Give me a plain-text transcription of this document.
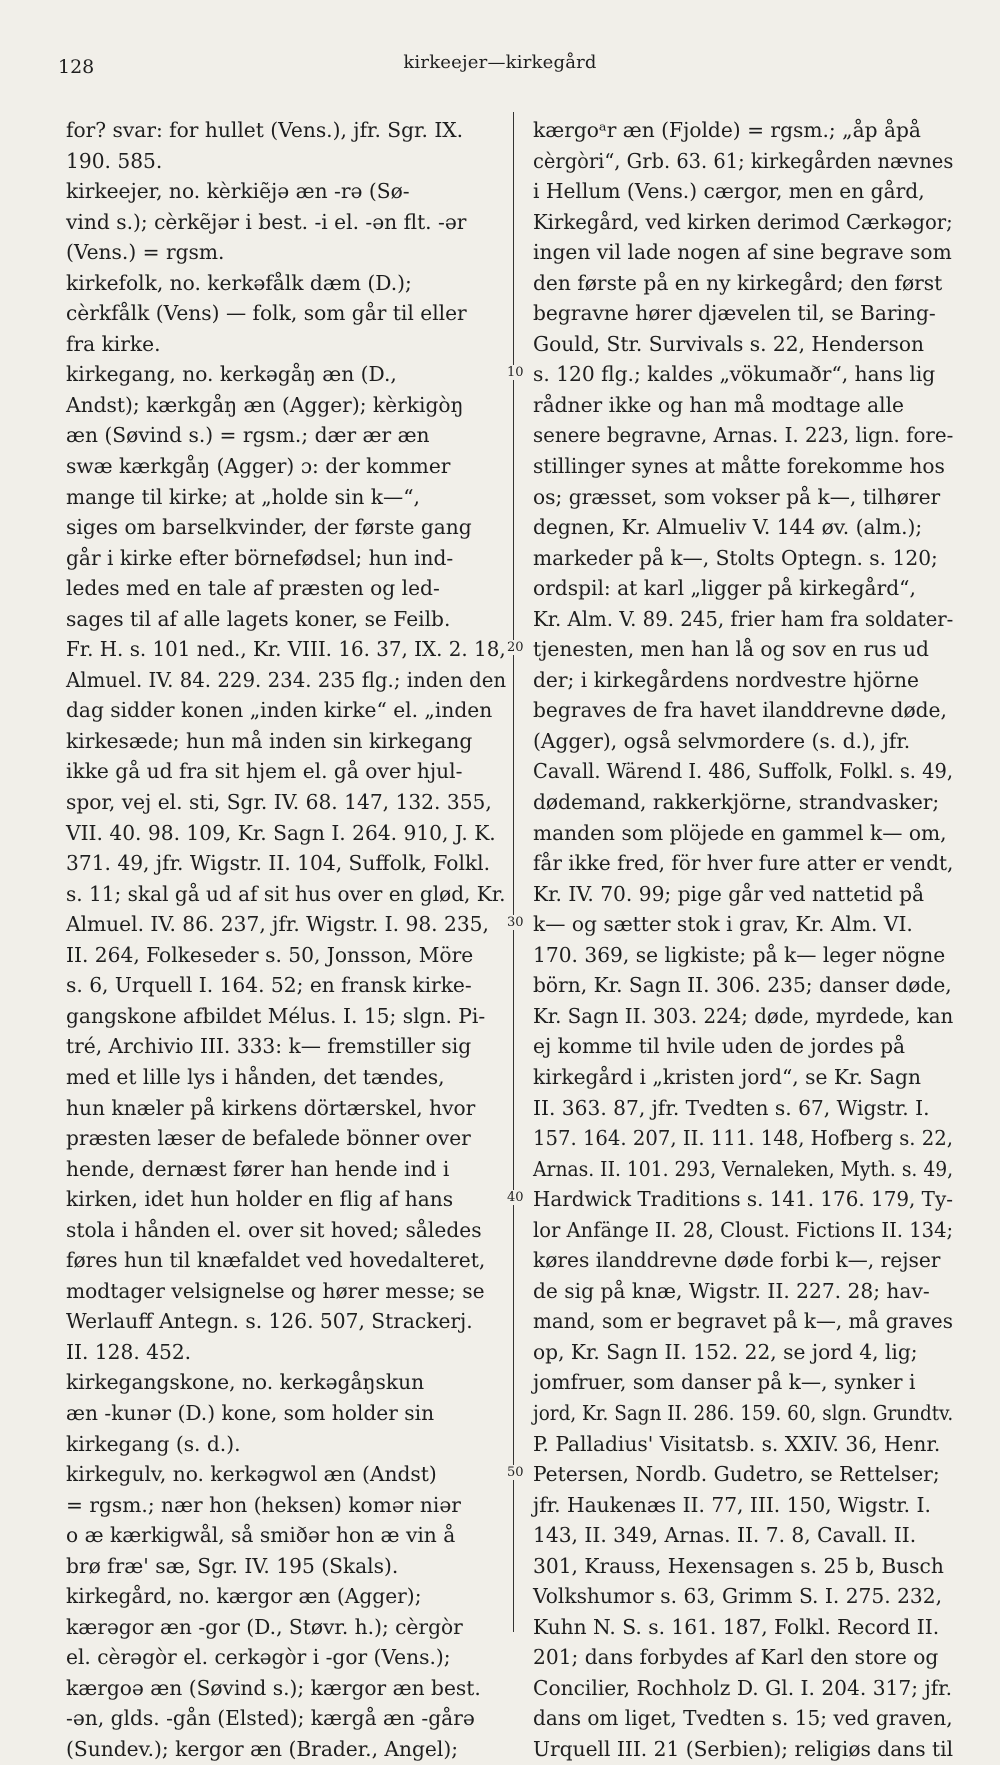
128	kirkeejer—kirkegård
for? svar: for hullet (Vens.), jfr. Sgr. IX.
190. 585.
kirkeejer, no. kèrkiẽjə æn -rə (Sø-
vind s.); cèrkẽjər i best. -i el. -ən flt. -ər
(Vens.) = rgsm.
kirkefolk, no. kerkəfålk dæm (D.);
cèrkfålk (Vens) — folk, som går til eller
fra kirke.
kirkegang, no. kerkəgåŋ æn (D.,
Andst); kærkgåŋ æn (Agger); kèrkigòŋ
æn (Søvind s.) = rgsm.; dær ær æn
swæ kærkgåŋ (Agger) ɔ: der kommer
mange til kirke; at „holde sin k—“,
siges om barselkvinder, der første gang
går i kirke efter börnefødsel; hun ind-
ledes med en tale af præsten og led-
sages til af alle lagets koner, se Feilb.
Fr. H. s. 101 ned., Kr. VIII. 16. 37, IX. 2. 18,
Almuel. IV. 84. 229. 234. 235 flg.; inden den
dag sidder konen „inden kirke“ el. „inden
kirkesæde; hun må inden sin kirkegang
ikke gå ud fra sit hjem el. gå over hjul-
spor, vej el. sti, Sgr. IV. 68. 147, 132. 355,
VII. 40. 98. 109, Kr. Sagn I. 264. 910, J. K.
371. 49, jfr. Wigstr. II. 104, Suffolk, Folkl.
s. 11; skal gå ud af sit hus over en glød, Kr.
Almuel. IV. 86. 237, jfr. Wigstr. I. 98. 235,
II. 264, Folkeseder s. 50, Jonsson, Möre
s. 6, Urquell I. 164. 52; en fransk kirke-
gangskone afbildet Mélus. I. 15; slgn. Pi-
tré, Archivio III. 333: k— fremstiller sig
med et lille lys i hånden, det tændes,
hun knæler på kirkens dörtærskel, hvor
præsten læser de befalede bönner over
hende, dernæst fører han hende ind i
kirken, idet hun holder en flig af hans
stola i hånden el. over sit hoved; således
føres hun til knæfaldet ved hovedalteret,
modtager velsignelse og hører messe; se
Werlauff Antegn. s. 126. 507, Strackerj.
II. 128. 452.
kirkegangskone, no. kerkəgåŋskun
æn -kunər (D.) kone, som holder sin
kirkegang (s. d.).
kirkegulv, no. kerkəgwol æn (Andst)
= rgsm.; nær hon (heksen) komər niər
o æ kærkigwål, så smiðər hon æ vin å
brø fræ' sæ, Sgr. IV. 195 (Skals).
kirkegård, no. kærgor æn (Agger);
kærəgor æn -gor (D., Støvr. h.); cèrgòr
el. cèrəgòr el. cerkəgòr i -gor (Vens.);
kærgoə æn (Søvind s.); kærgor æn best.
-ən, glds. -gån (Elsted); kærgå æn -gårə
(Sundev.); kergor æn (Brader., Angel);
kærgoᵃr æn (Fjolde) = rgsm.; „åp åpå
cèrgòri“, Grb. 63. 61; kirkegården nævnes
i Hellum (Vens.) cærgor, men en gård,
Kirkegård, ved kirken derimod Cærkəgor;
ingen vil lade nogen af sine begrave som
den første på en ny kirkegård; den først
begravne hører djævelen til, se Baring-
Gould, Str. Survivals s. 22, Henderson
s. 120 flg.; kaldes „vökumaðr“, hans lig
rådner ikke og han må modtage alle
senere begravne, Arnas. I. 223, lign. fore-
stillinger synes at måtte forekomme hos
os; græsset, som vokser på k—, tilhører
degnen, Kr. Almueliv V. 144 øv. (alm.);
markeder på k—, Stolts Optegn. s. 120;
ordspil: at karl „ligger på kirkegård“,
Kr. Alm. V. 89. 245, frier ham fra soldater-
tjenesten, men han lå og sov en rus ud
der; i kirkegårdens nordvestre hjörne
begraves de fra havet ilanddrevne døde,
(Agger), også selvmordere (s. d.), jfr.
Cavall. Wärend I. 486, Suffolk, Folkl. s. 49,
dødemand, rakkerkjörne, strandvasker;
manden som plöjede en gammel k— om,
får ikke fred, för hver fure atter er vendt,
Kr. IV. 70. 99; pige går ved nattetid på
k— og sætter stok i grav, Kr. Alm. VI.
170. 369, se ligkiste; på k— leger nögne
börn, Kr. Sagn II. 306. 235; danser døde,
Kr. Sagn II. 303. 224; døde, myrdede, kan
ej komme til hvile uden de jordes på
kirkegård i „kristen jord“, se Kr. Sagn
II. 363. 87, jfr. Tvedten s. 67, Wigstr. I.
157. 164. 207, II. 111. 148, Hofberg s. 22,
Arnas. II. 101. 293, Vernaleken, Myth. s. 49,
Hardwick Traditions s. 141. 176. 179, Ty-
lor Anfänge II. 28, Cloust. Fictions II. 134;
køres ilanddrevne døde forbi k—, rejser
de sig på knæ, Wigstr. II. 227. 28; hav-
mand, som er begravet på k—, må graves
op, Kr. Sagn II. 152. 22, se jord 4, lig;
jomfruer, som danser på k—, synker i
jord, Kr. Sagn II. 286. 159. 60, slgn. Grundtv.
P. Palladius' Visitatsb. s. XXIV. 36, Henr.
Petersen, Nordb. Gudetro, se Rettelser;
jfr. Haukenæs II. 77, III. 150, Wigstr. I.
143, II. 349, Arnas. II. 7. 8, Cavall. II.
301, Krauss, Hexensagen s. 25 b, Busch
Volkshumor s. 63, Grimm S. I. 275. 232,
Kuhn N. S. s. 161. 187, Folkl. Record II.
201; dans forbydes af Karl den store og
Concilier, Rochholz D. Gl. I. 204. 317; jfr.
dans om liget, Tvedten s. 15; ved graven,
Urquell III. 21 (Serbien); religiøs dans til
10
20
30
40
50
